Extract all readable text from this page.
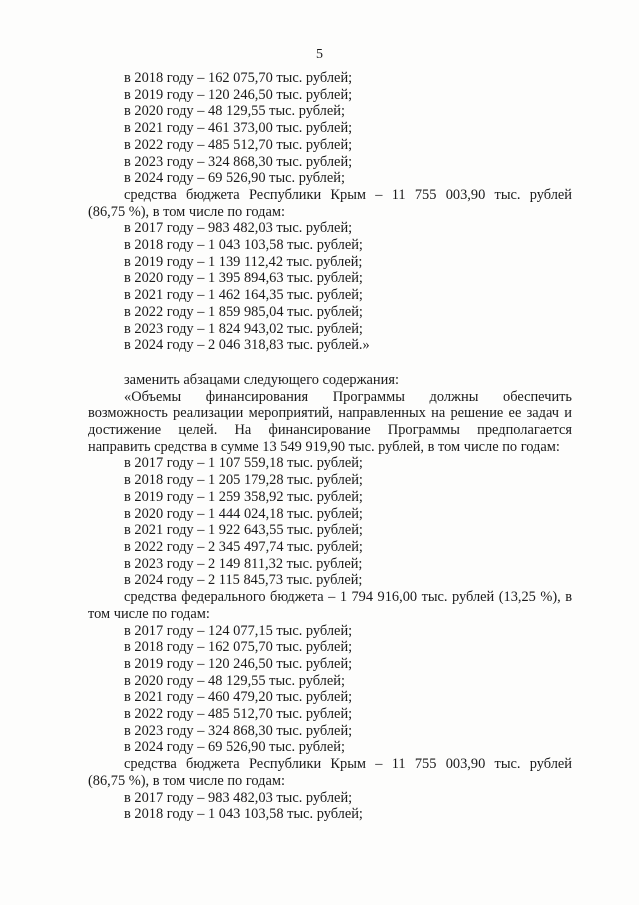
5
в 2018 году – 162 075,70 тыс. рублей;
в 2019 году – 120 246,50 тыс. рублей;
в 2020 году – 48 129,55 тыс. рублей;
в 2021 году – 461 373,00 тыс. рублей;
в 2022 году – 485 512,70 тыс. рублей;
в 2023 году – 324 868,30 тыс. рублей;
в 2024 году – 69 526,90 тыс. рублей;
средства бюджета Республики Крым – 11 755 003,90 тыс. рублей
(86,75 %), в том числе по годам:
в 2017 году – 983 482,03 тыс. рублей;
в 2018 году – 1 043 103,58 тыс. рублей;
в 2019 году – 1 139 112,42 тыс. рублей;
в 2020 году – 1 395 894,63 тыс. рублей;
в 2021 году – 1 462 164,35 тыс. рублей;
в 2022 году – 1 859 985,04 тыс. рублей;
в 2023 году – 1 824 943,02 тыс. рублей;
в 2024 году – 2 046 318,83 тыс. рублей.»
заменить абзацами следующего содержания:
«Объемы финансирования Программы должны обеспечить
возможность реализации мероприятий, направленных на решение ее задач и
достижение целей. На финансирование Программы предполагается
направить средства в сумме 13 549 919,90 тыс. рублей, в том числе по годам:
в 2017 году – 1 107 559,18 тыс. рублей;
в 2018 году – 1 205 179,28 тыс. рублей;
в 2019 году – 1 259 358,92 тыс. рублей;
в 2020 году – 1 444 024,18 тыс. рублей;
в 2021 году – 1 922 643,55 тыс. рублей;
в 2022 году – 2 345 497,74 тыс. рублей;
в 2023 году – 2 149 811,32 тыс. рублей;
в 2024 году – 2 115 845,73 тыс. рублей;
средства федерального бюджета – 1 794 916,00 тыс. рублей (13,25 %), в
том числе по годам:
в 2017 году – 124 077,15 тыс. рублей;
в 2018 году – 162 075,70 тыс. рублей;
в 2019 году – 120 246,50 тыс. рублей;
в 2020 году – 48 129,55 тыс. рублей;
в 2021 году – 460 479,20 тыс. рублей;
в 2022 году – 485 512,70 тыс. рублей;
в 2023 году – 324 868,30 тыс. рублей;
в 2024 году – 69 526,90 тыс. рублей;
средства бюджета Республики Крым – 11 755 003,90 тыс. рублей
(86,75 %), в том числе по годам:
в 2017 году – 983 482,03 тыс. рублей;
в 2018 году – 1 043 103,58 тыс. рублей;
